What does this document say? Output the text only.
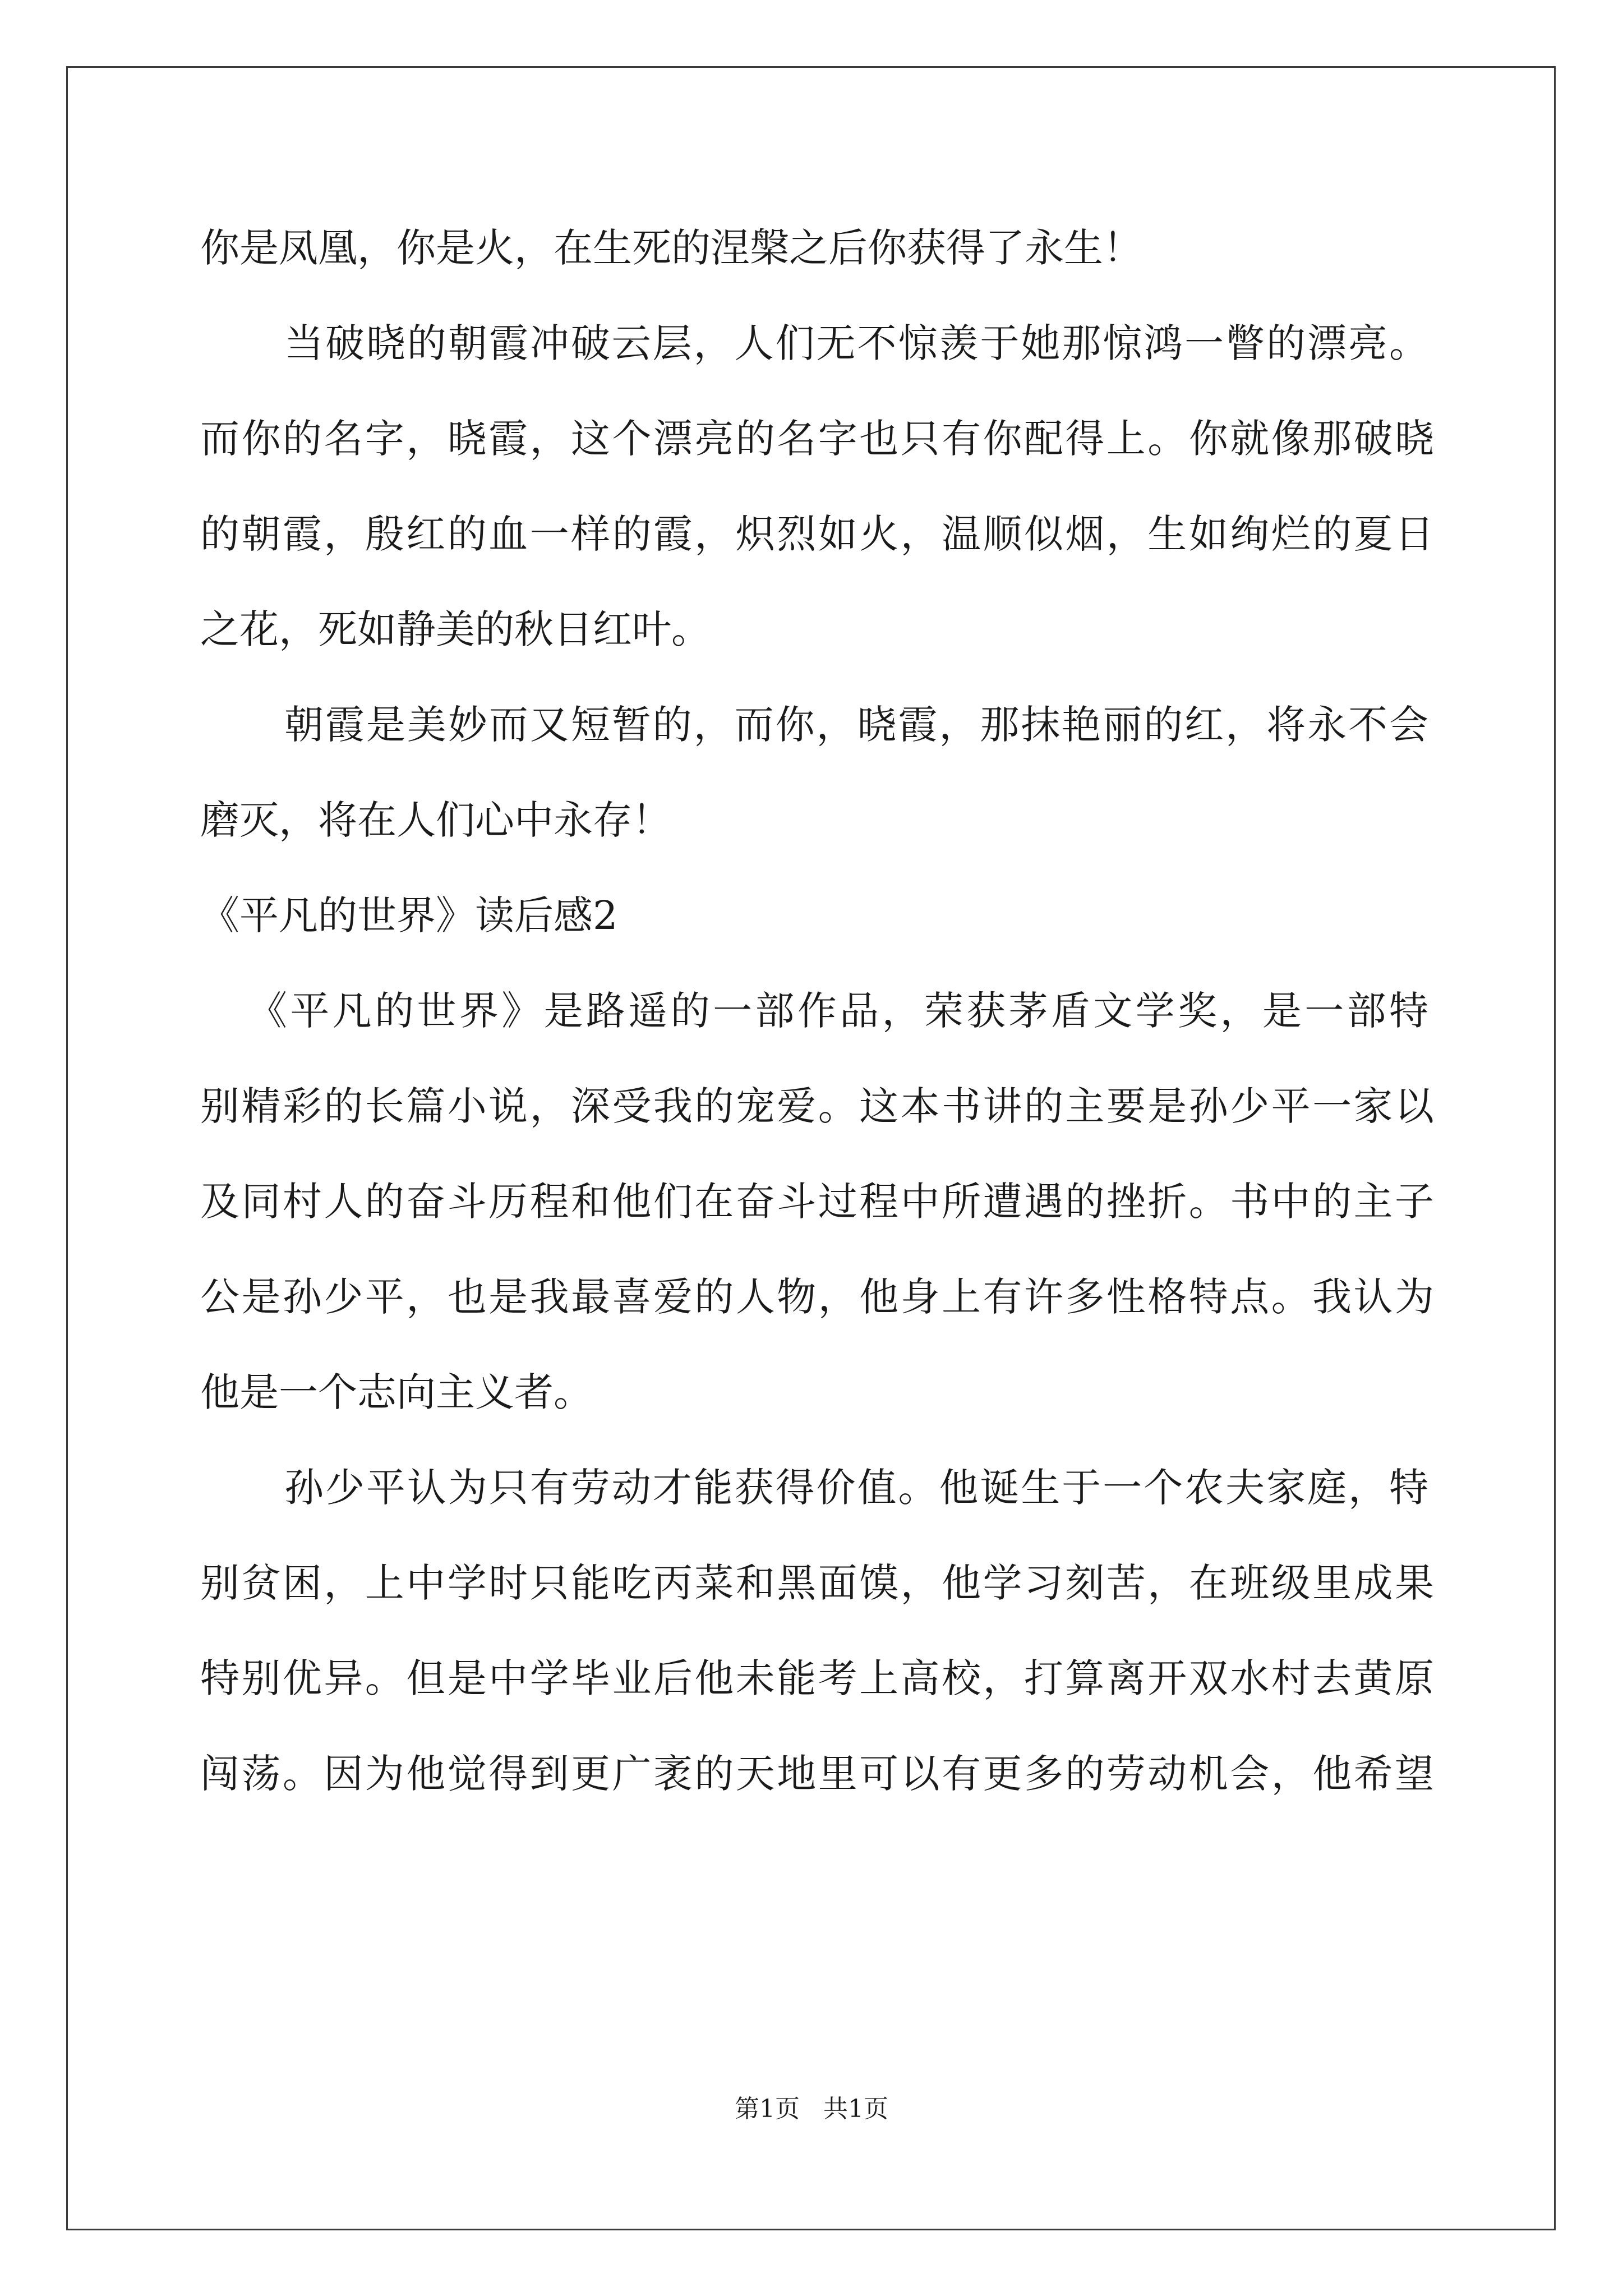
你是凤凰，你是火，在生死的涅槃之后你获得了永生！
当破晓的朝霞冲破云层，人们无不惊羡于她那惊鸿一瞥的漂亮。
而你的名字，晓霞，这个漂亮的名字也只有你配得上。你就像那破晓
的朝霞，殷红的血一样的霞，炽烈如火，温顺似烟，生如绚烂的夏日
之花，死如静美的秋日红叶。
朝霞是美妙而又短暂的，而你，晓霞，那抹艳丽的红，将永不会
磨灭，将在人们心中永存！
《平凡的世界》读后感2
《平凡的世界》是路遥的一部作品，荣获茅盾文学奖，是一部特
别精彩的长篇小说，深受我的宠爱。这本书讲的主要是孙少平一家以
及同村人的奋斗历程和他们在奋斗过程中所遭遇的挫折。书中的主子
公是孙少平，也是我最喜爱的人物，他身上有许多性格特点。我认为
他是一个志向主义者。
孙少平认为只有劳动才能获得价值。他诞生于一个农夫家庭，特
别贫困，上中学时只能吃丙菜和黑面馍，他学习刻苦，在班级里成果
特别优异。但是中学毕业后他未能考上高校，打算离开双水村去黄原
闯荡。因为他觉得到更广袤的天地里可以有更多的劳动机会，他希望
第1页   共1页
